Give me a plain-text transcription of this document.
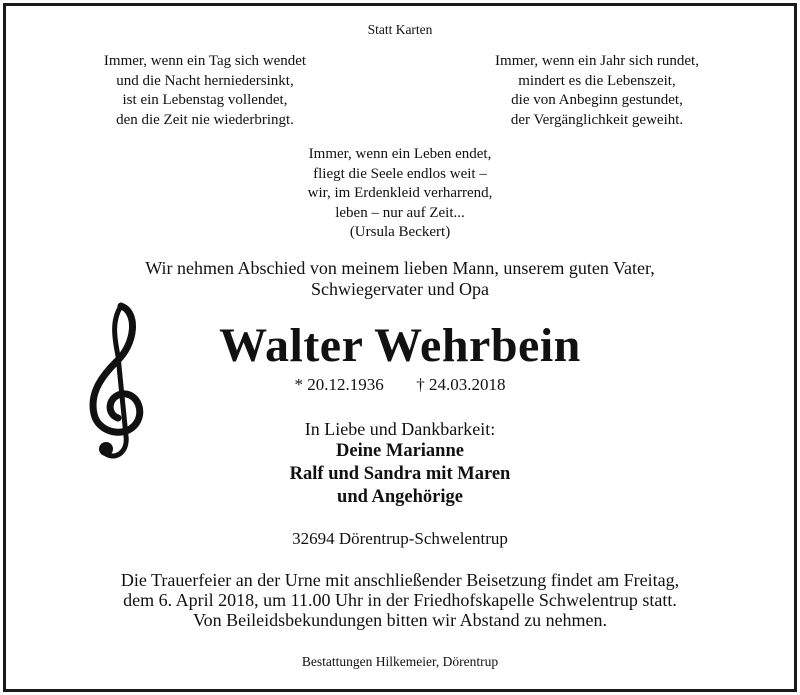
Statt Karten
Immer, wenn ein Tag sich wendet
und die Nacht herniedersinkt,
ist ein Lebenstag vollendet,
den die Zeit nie wiederbringt.
Immer, wenn ein Jahr sich rundet,
mindert es die Lebenszeit,
die von Anbeginn gestundet,
der Vergänglichkeit geweiht.
Immer, wenn ein Leben endet,
fliegt die Seele endlos weit –
wir, im Erdenkleid verharrend,
leben – nur auf Zeit...
(Ursula Beckert)
Wir nehmen Abschied von meinem lieben Mann, unserem guten Vater,
Schwiegervater und Opa
Walter Wehrbein
* 20.12.1936 † 24.03.2018
In Liebe und Dankbarkeit:
Deine Marianne
Ralf und Sandra mit Maren
und Angehörige
32694 Dörentrup-Schwelentrup
Die Trauerfeier an der Urne mit anschließender Beisetzung findet am Freitag,
dem 6. April 2018, um 11.00 Uhr in der Friedhofskapelle Schwelentrup statt.
Von Beileidsbekundungen bitten wir Abstand zu nehmen.
Bestattungen Hilkemeier, Dörentrup
